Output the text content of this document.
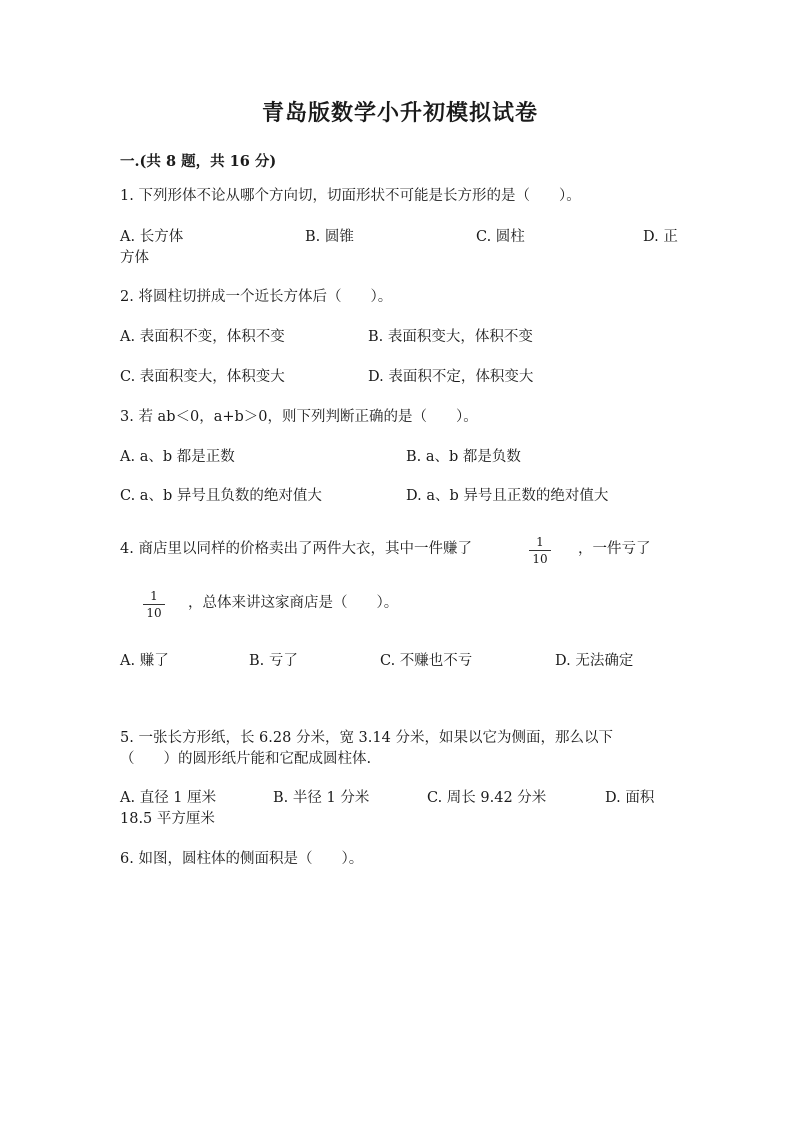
青岛版数学小升初模拟试卷
一.(共 8 题，共 16 分)
1. 下列形体不论从哪个方向切，切面形状不可能是长方形的是（　　）。
A. 长方体	B. 圆锥	C. 圆柱	D. 正
方体
2. 将圆柱切拼成一个近长方体后（　　）。
A. 表面积不变，体积不变	B. 表面积变大，体积不变
C. 表面积变大，体积变大	D. 表面积不定，体积变大
3. 若 ab＜0，a+b＞0，则下列判断正确的是（　　）。
A. a、b 都是正数	B. a、b 都是负数
C. a、b 异号且负数的绝对值大	D. a、b 异号且正数的绝对值大
4. 商店里以同样的价格卖出了两件大衣，其中一件赚了	1
10
，一件亏了
1
10
，总体来讲这家商店是（　　）。
A. 赚了	B. 亏了	C. 不赚也不亏	D. 无法确定
5. 一张长方形纸，长 6.28 分米，宽 3.14 分米，如果以它为侧面，那么以下
（　　）的圆形纸片能和它配成圆柱体.
A. 直径 1 厘米	B. 半径 1 分米	C. 周长 9.42 分米	D. 面积
18.5 平方厘米
6. 如图，圆柱体的侧面积是（　　）。
